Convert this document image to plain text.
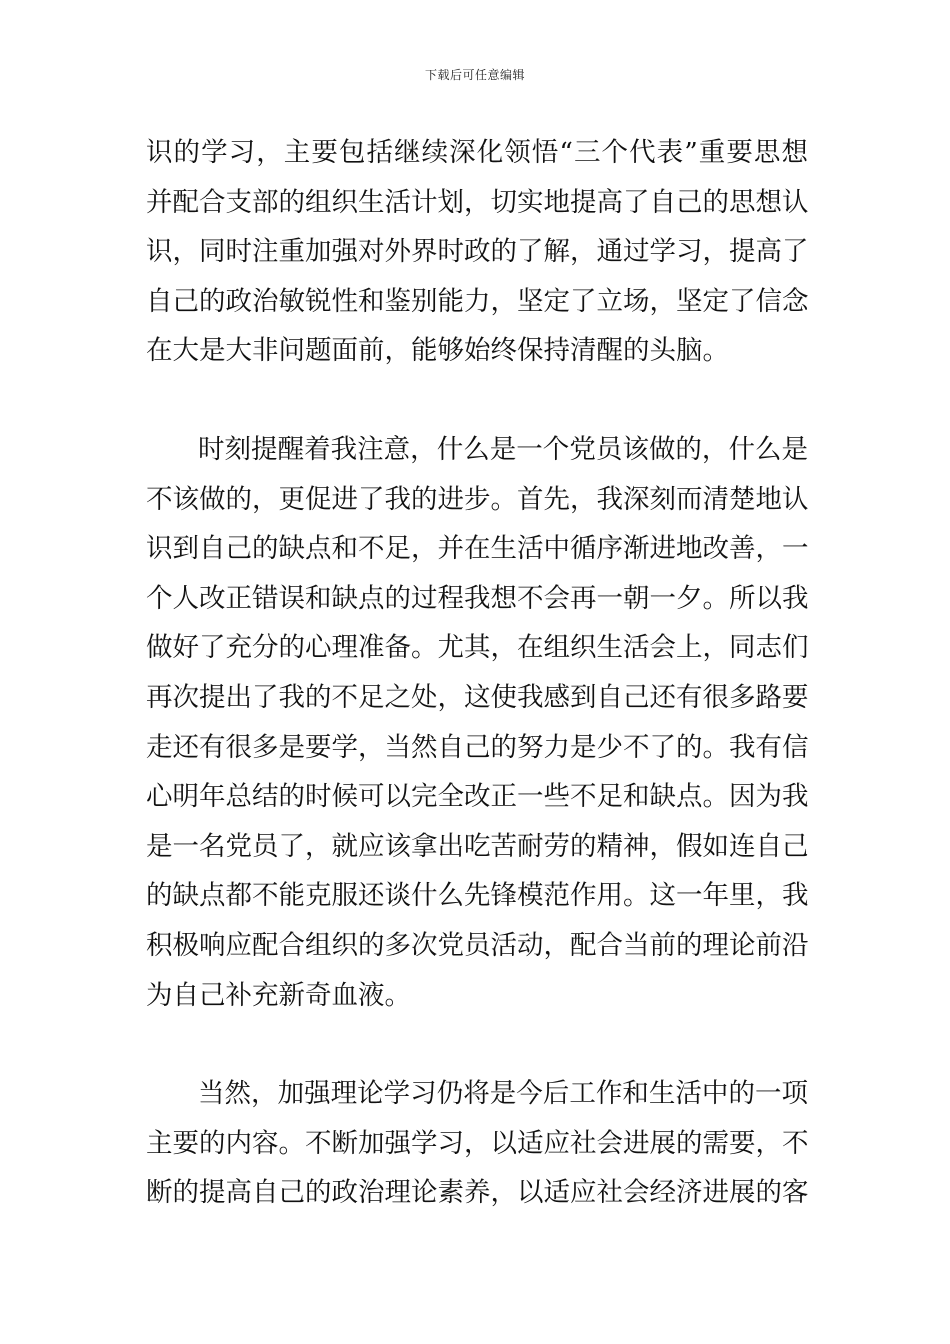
下载后可任意编辑
识的学习，主要包括继续深化领悟“三个代表”重要思想
并配合支部的组织生活计划，切实地提高了自己的思想认
识，同时注重加强对外界时政的了解，通过学习，提高了
自己的政治敏锐性和鉴别能力，坚定了立场，坚定了信念
在大是大非问题面前，能够始终保持清醒的头脑。
时刻提醒着我注意，什么是一个党员该做的，什么是
不该做的，更促进了我的进步。首先，我深刻而清楚地认
识到自己的缺点和不足，并在生活中循序渐进地改善，一
个人改正错误和缺点的过程我想不会再一朝一夕。所以我
做好了充分的心理准备。尤其，在组织生活会上，同志们
再次提出了我的不足之处，这使我感到自己还有很多路要
走还有很多是要学，当然自己的努力是少不了的。我有信
心明年总结的时候可以完全改正一些不足和缺点。因为我
是一名党员了，就应该拿出吃苦耐劳的精神，假如连自己
的缺点都不能克服还谈什么先锋模范作用。这一年里，我
积极响应配合组织的多次党员活动，配合当前的理论前沿
为自己补充新奇血液。
当然，加强理论学习仍将是今后工作和生活中的一项
主要的内容。不断加强学习，以适应社会进展的需要，不
断的提高自己的政治理论素养，以适应社会经济进展的客
